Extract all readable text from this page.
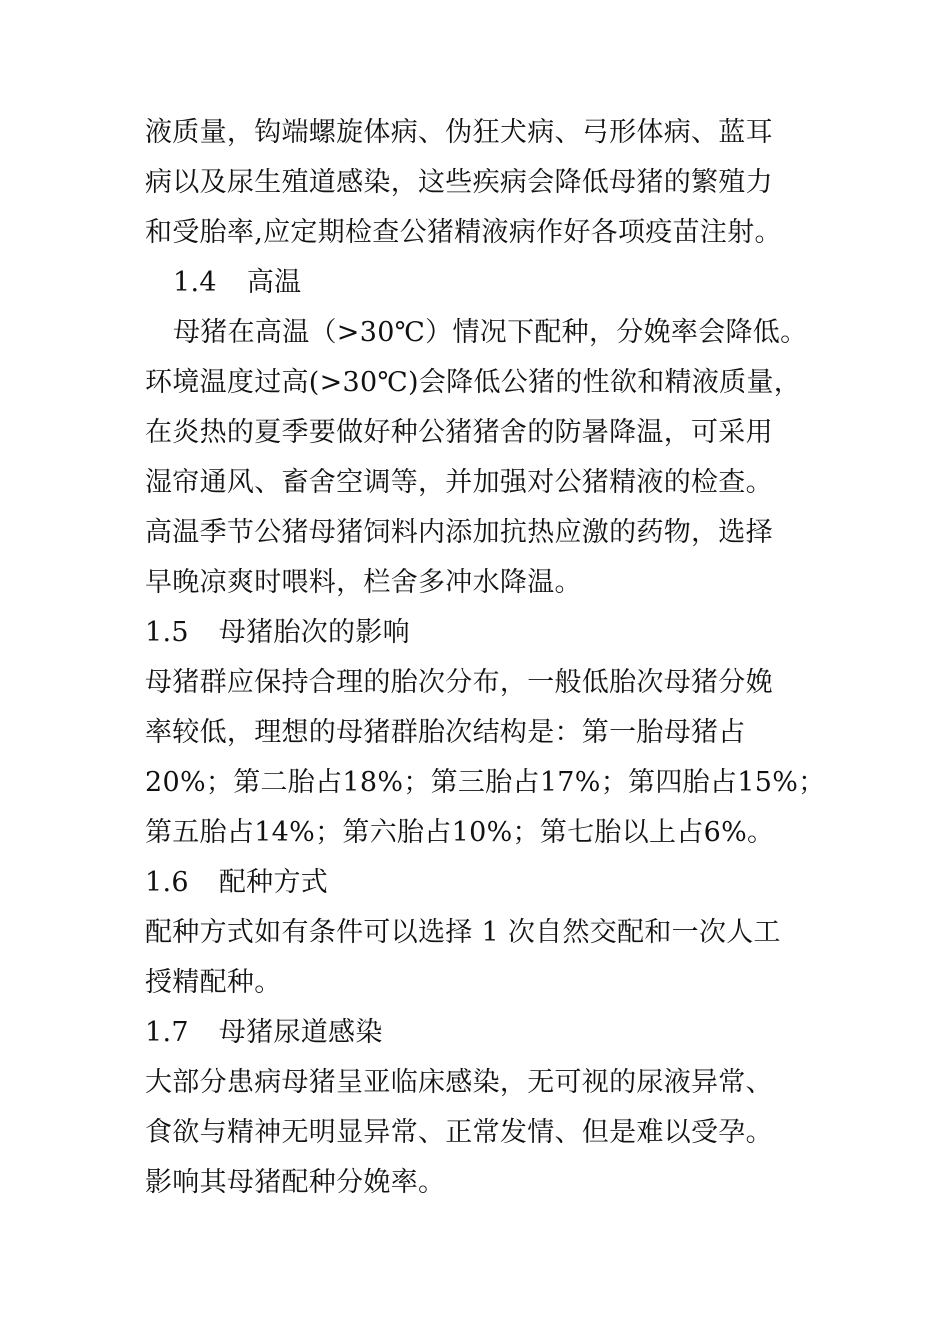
液质量，钩端螺旋体病、伪狂犬病、弓形体病、蓝耳
病以及尿生殖道感染，这些疾病会降低母猪的繁殖力
和受胎率,应定期检查公猪精液病作好各项疫苗注射。
1.4 高温
母猪在高温（>30℃）情况下配种，分娩率会降低。
环境温度过高(>30℃)会降低公猪的性欲和精液质量，
在炎热的夏季要做好种公猪猪舍的防暑降温，可采用
湿帘通风、畜舍空调等，并加强对公猪精液的检查。
高温季节公猪母猪饲料内添加抗热应激的药物，选择
早晚凉爽时喂料，栏舍多冲水降温。
1.5 母猪胎次的影响
母猪群应保持合理的胎次分布，一般低胎次母猪分娩
率较低，理想的母猪群胎次结构是：第一胎母猪占
20%；第二胎占18%；第三胎占17%；第四胎占15%；
第五胎占14%；第六胎占10%；第七胎以上占6%。
1.6 配种方式
配种方式如有条件可以选择 1 次自然交配和一次人工
授精配种。
1.7 母猪尿道感染
大部分患病母猪呈亚临床感染，无可视的尿液异常、
食欲与精神无明显异常、正常发情、但是难以受孕。
影响其母猪配种分娩率。
